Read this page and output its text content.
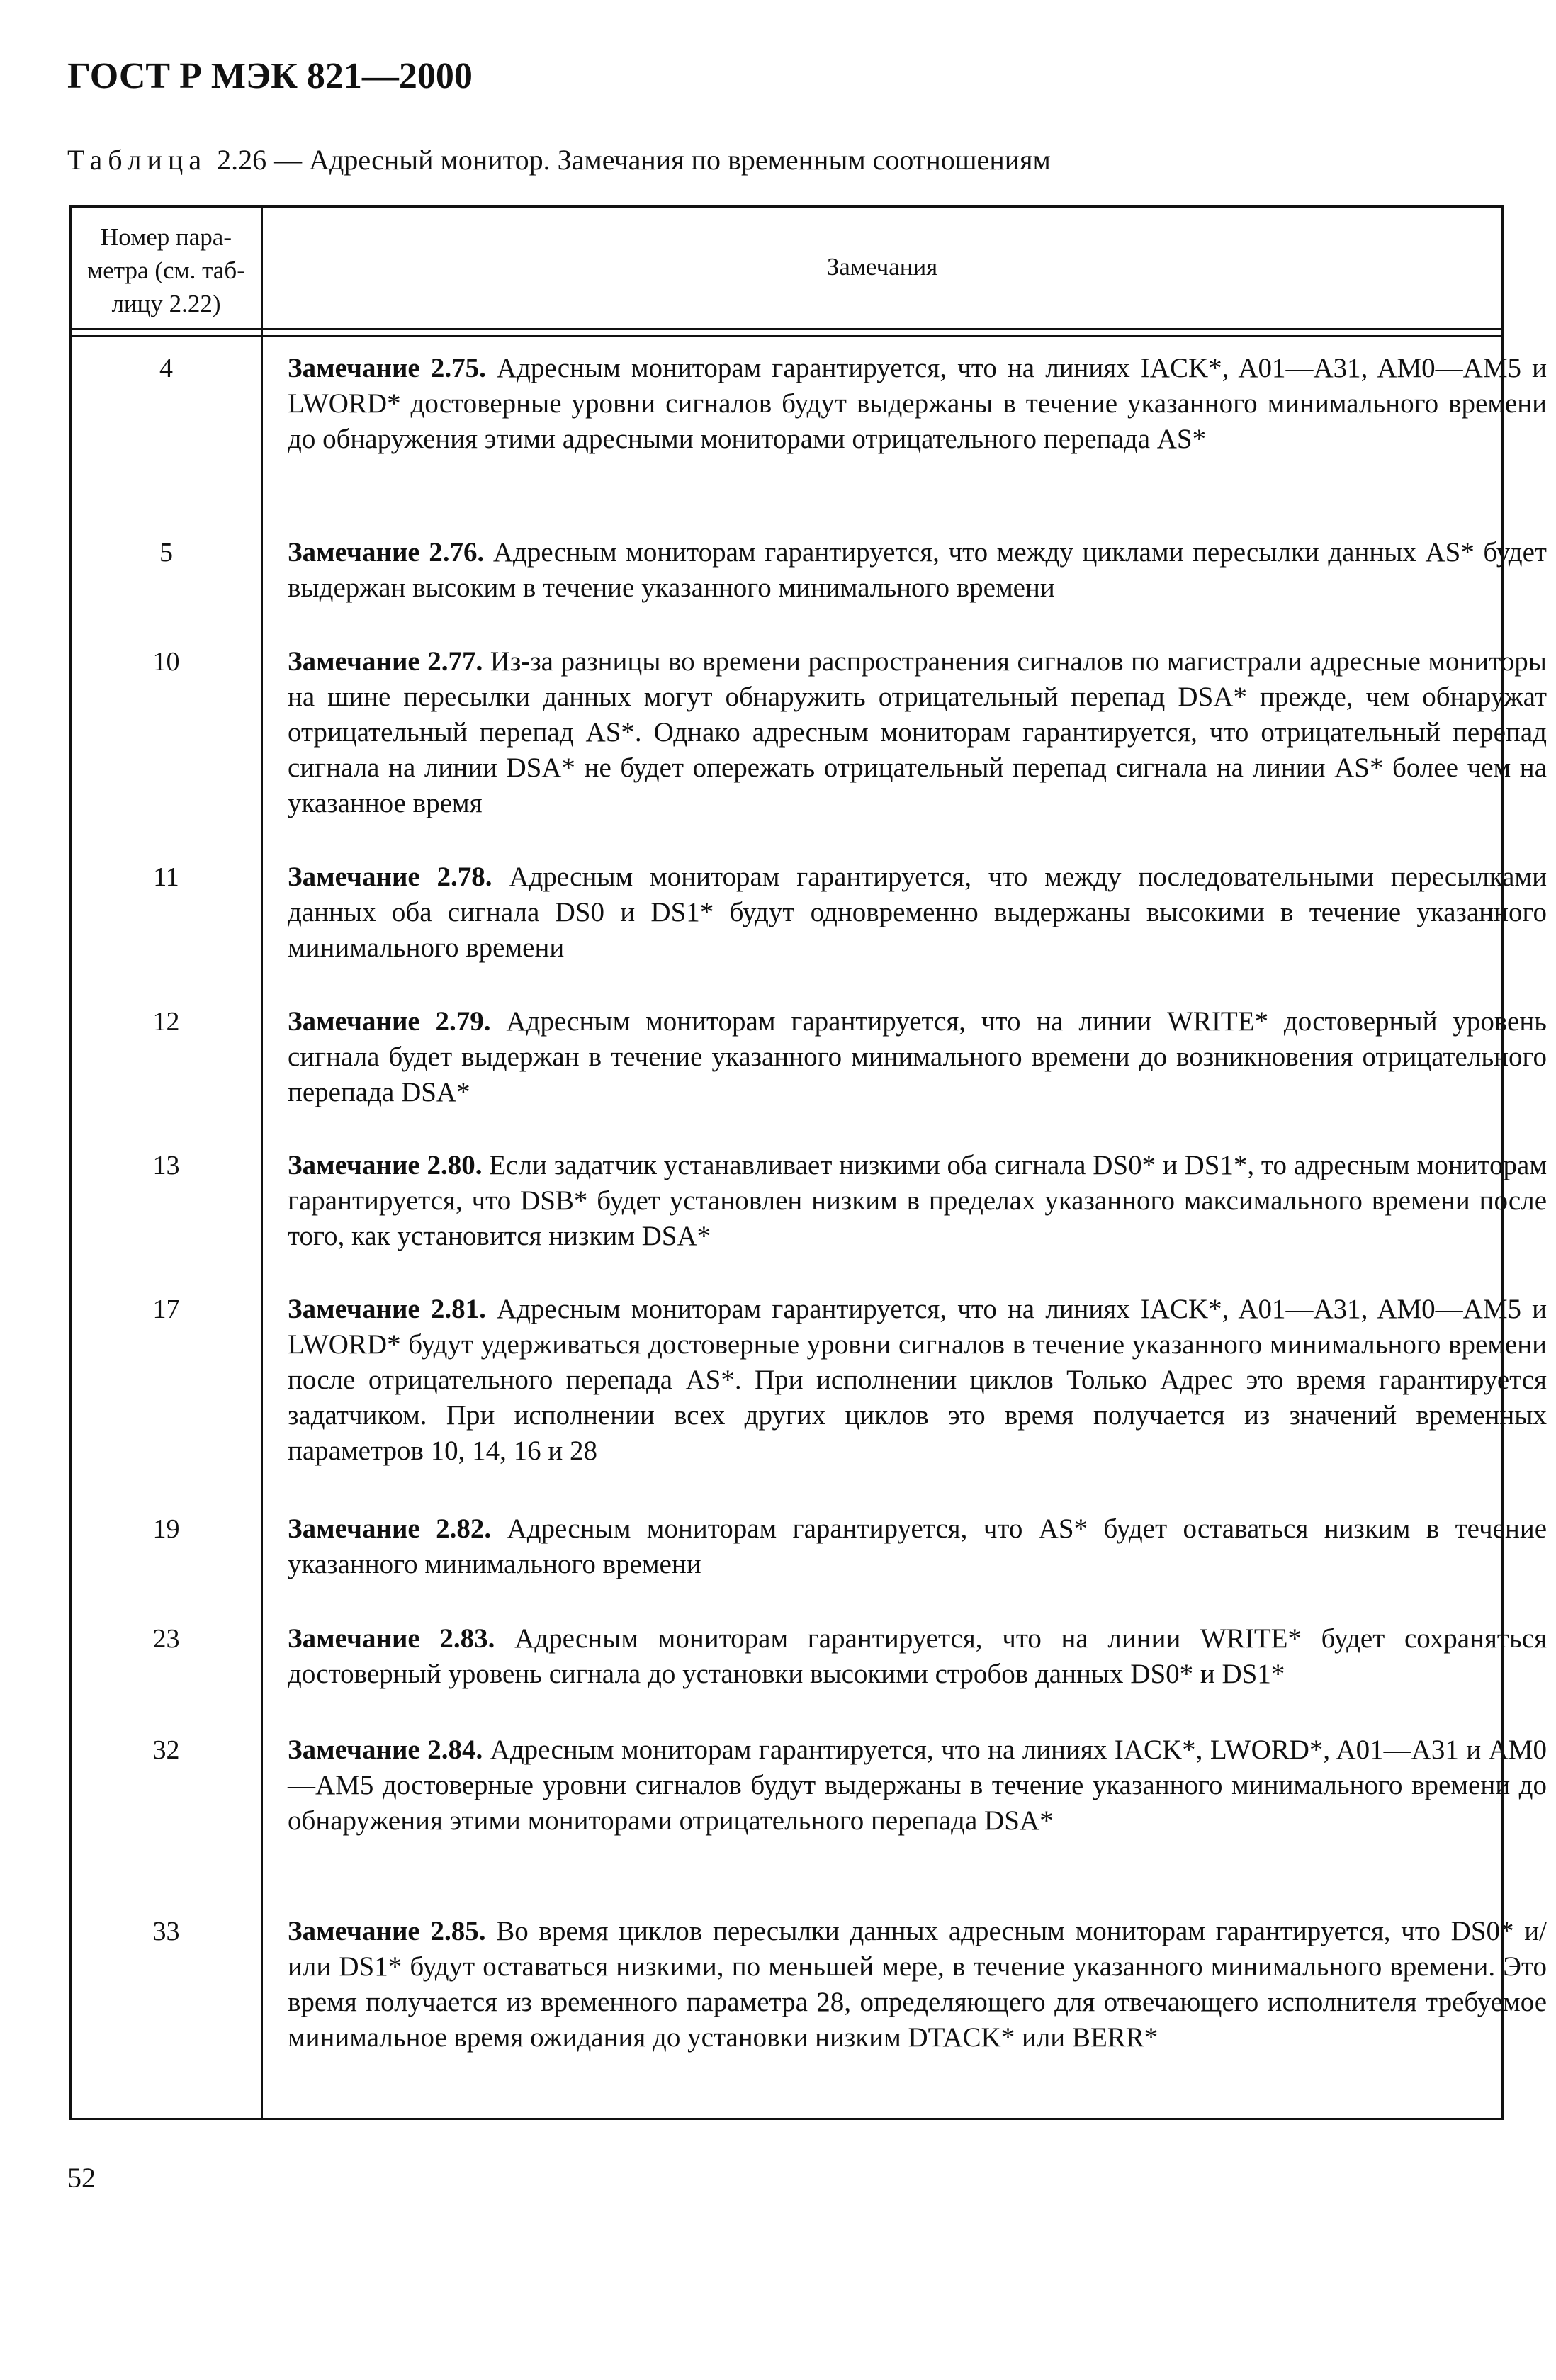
ГОСТ Р МЭК 821—2000
Таблица 2.26 — Адресный монитор. Замечания по временным соотношениям
Номер пара-
метра (см. таб-
лицу 2.22)
Замечания
4	Замечание 2.75. Адресным мониторам гарантируется, что на линиях IACK*, A01—A31, AM0—AM5 и LWORD* достоверные уровни сигналов будут выдержаны в течение указанного минимального времени до обнаружения этими адресными мониторами отрицательного перепада AS*
5	Замечание 2.76. Адресным мониторам гарантируется, что между циклами пересылки данных AS* будет выдержан высоким в течение указанного минимального времени
10	Замечание 2.77. Из-за разницы во времени распространения сигналов по магистрали адресные мониторы на шине пересылки данных могут обнаружить отрицательный перепад DSA* прежде, чем обнаружат отрицательный перепад AS*. Однако адресным мониторам гарантируется, что отрицательный перепад сигнала на линии DSA* не будет опережать отрицательный перепад сигнала на линии AS* более чем на указанное время
11	Замечание 2.78. Адресным мониторам гарантируется, что между последовательными пересылками данных оба сигнала DS0 и DS1* будут одновременно выдержаны высокими в течение указанного минимального времени
12	Замечание 2.79. Адресным мониторам гарантируется, что на линии WRITE* достоверный уровень сигнала будет выдержан в течение указанного минимального времени до возникновения отрицательного перепада DSA*
13	Замечание 2.80. Если задатчик устанавливает низкими оба сигнала DS0* и DS1*, то адресным мониторам гарантируется, что DSB* будет установлен низким в пределах указанного максимального времени после того, как установится низким DSA*
17	Замечание 2.81. Адресным мониторам гарантируется, что на линиях IACK*, A01—A31, AM0—AM5 и LWORD* будут удерживаться достоверные уровни сигналов в течение указанного минимального времени после отрицательного перепада AS*. При исполнении циклов Только Адрес это время гарантируется задатчиком. При исполнении всех других циклов это время получается из значений временных параметров 10, 14, 16 и 28
19	Замечание 2.82. Адресным мониторам гарантируется, что AS* будет оставаться низким в течение указанного минимального времени
23	Замечание 2.83. Адресным мониторам гарантируется, что на линии WRITE* будет сохраняться достоверный уровень сигнала до установки высокими стробов данных DS0* и DS1*
32	Замечание 2.84. Адресным мониторам гарантируется, что на линиях IACK*, LWORD*, A01—A31 и AM0—AM5 достоверные уровни сигналов будут выдержаны в течение указанного минимального времени до обнаружения этими мониторами отрицательного перепада DSA*
33	Замечание 2.85. Во время циклов пересылки данных адресным мониторам гарантируется, что DS0* и/или DS1* будут оставаться низкими, по меньшей мере, в течение указанного минимального времени. Это время получается из временного параметра 28, определяющего для отвечающего исполнителя требуемое минимальное время ожидания до установки низким DTACK* или BERR*
52
